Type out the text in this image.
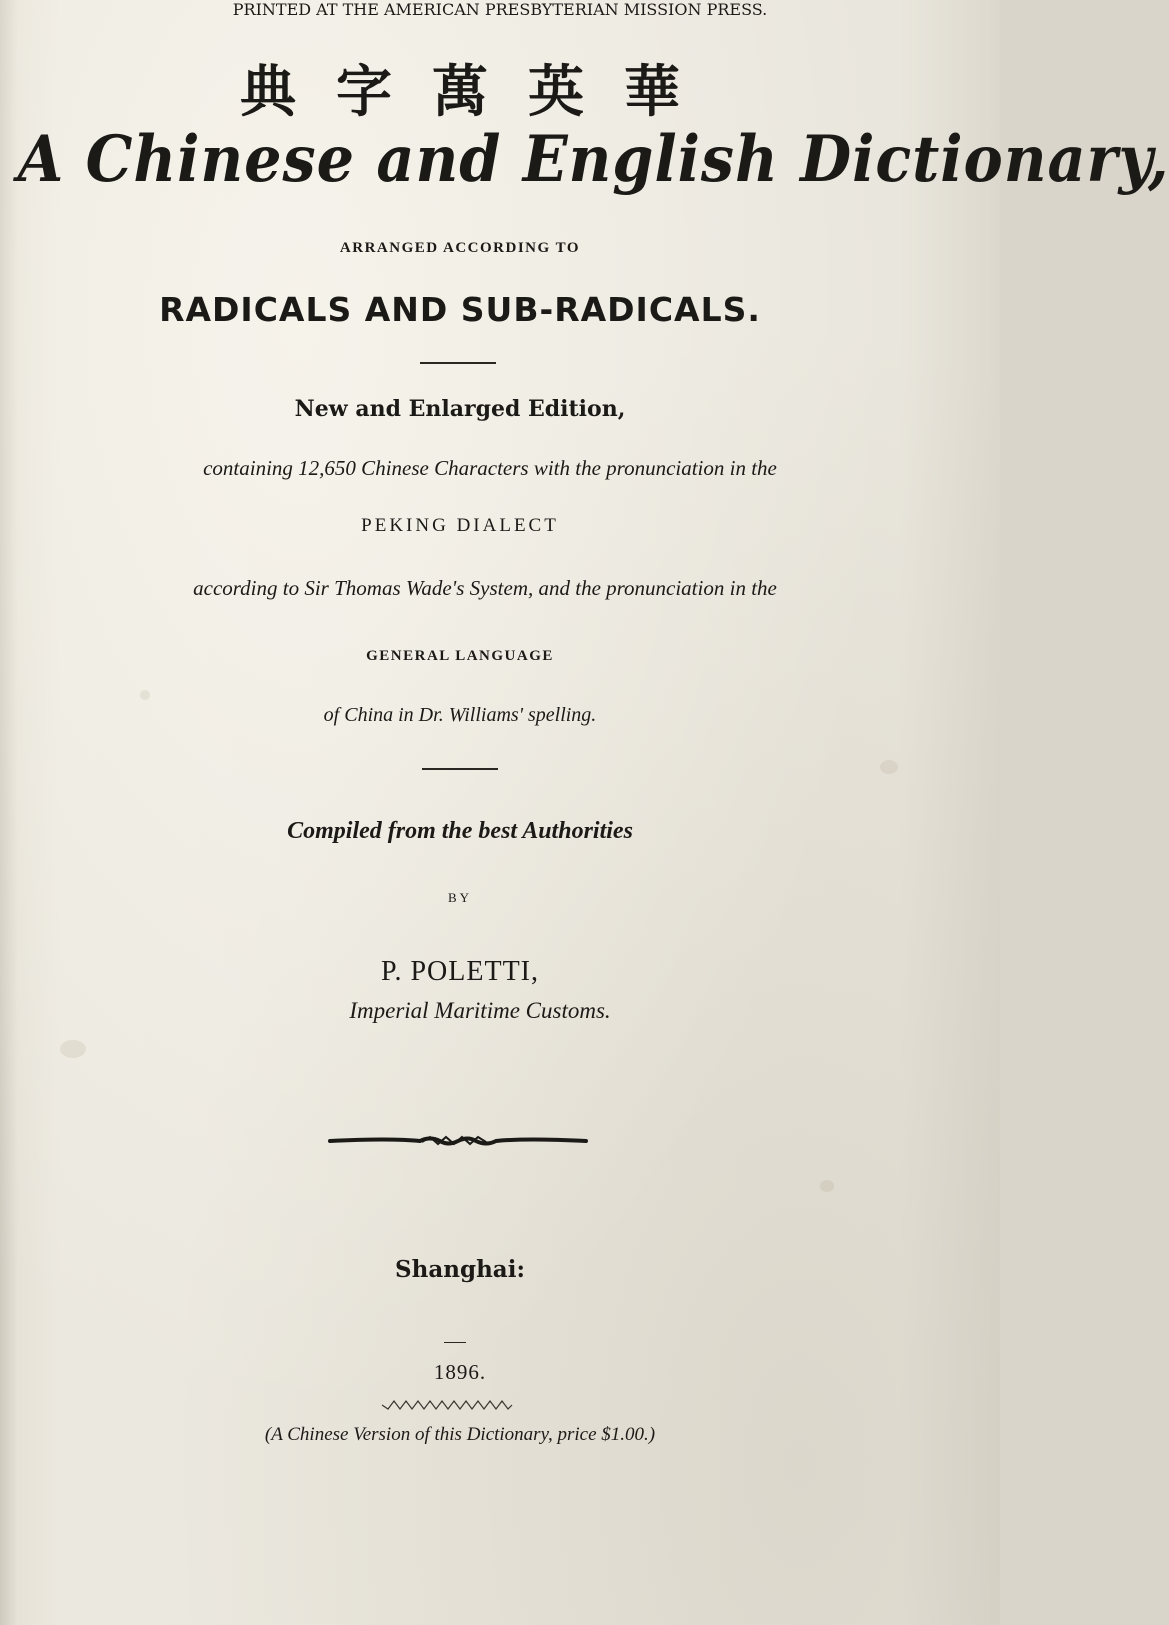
典字萬英華
A Chinese and English Dictionary,
ARRANGED ACCORDING TO
RADICALS AND SUB-RADICALS.
New and Enlarged Edition,
containing 12,650 Chinese Characters with the pronunciation in the
PEKING DIALECT
according to Sir Thomas Wade's System, and the pronunciation in the
GENERAL LANGUAGE
of China in Dr. Williams' spelling.
Compiled from the best Authorities
BY
P. POLETTI,
Imperial Maritime Customs.
Shanghai:
PRINTED AT THE AMERICAN PRESBYTERIAN MISSION PRESS.
1896.
(A Chinese Version of this Dictionary, price $1.00.)
